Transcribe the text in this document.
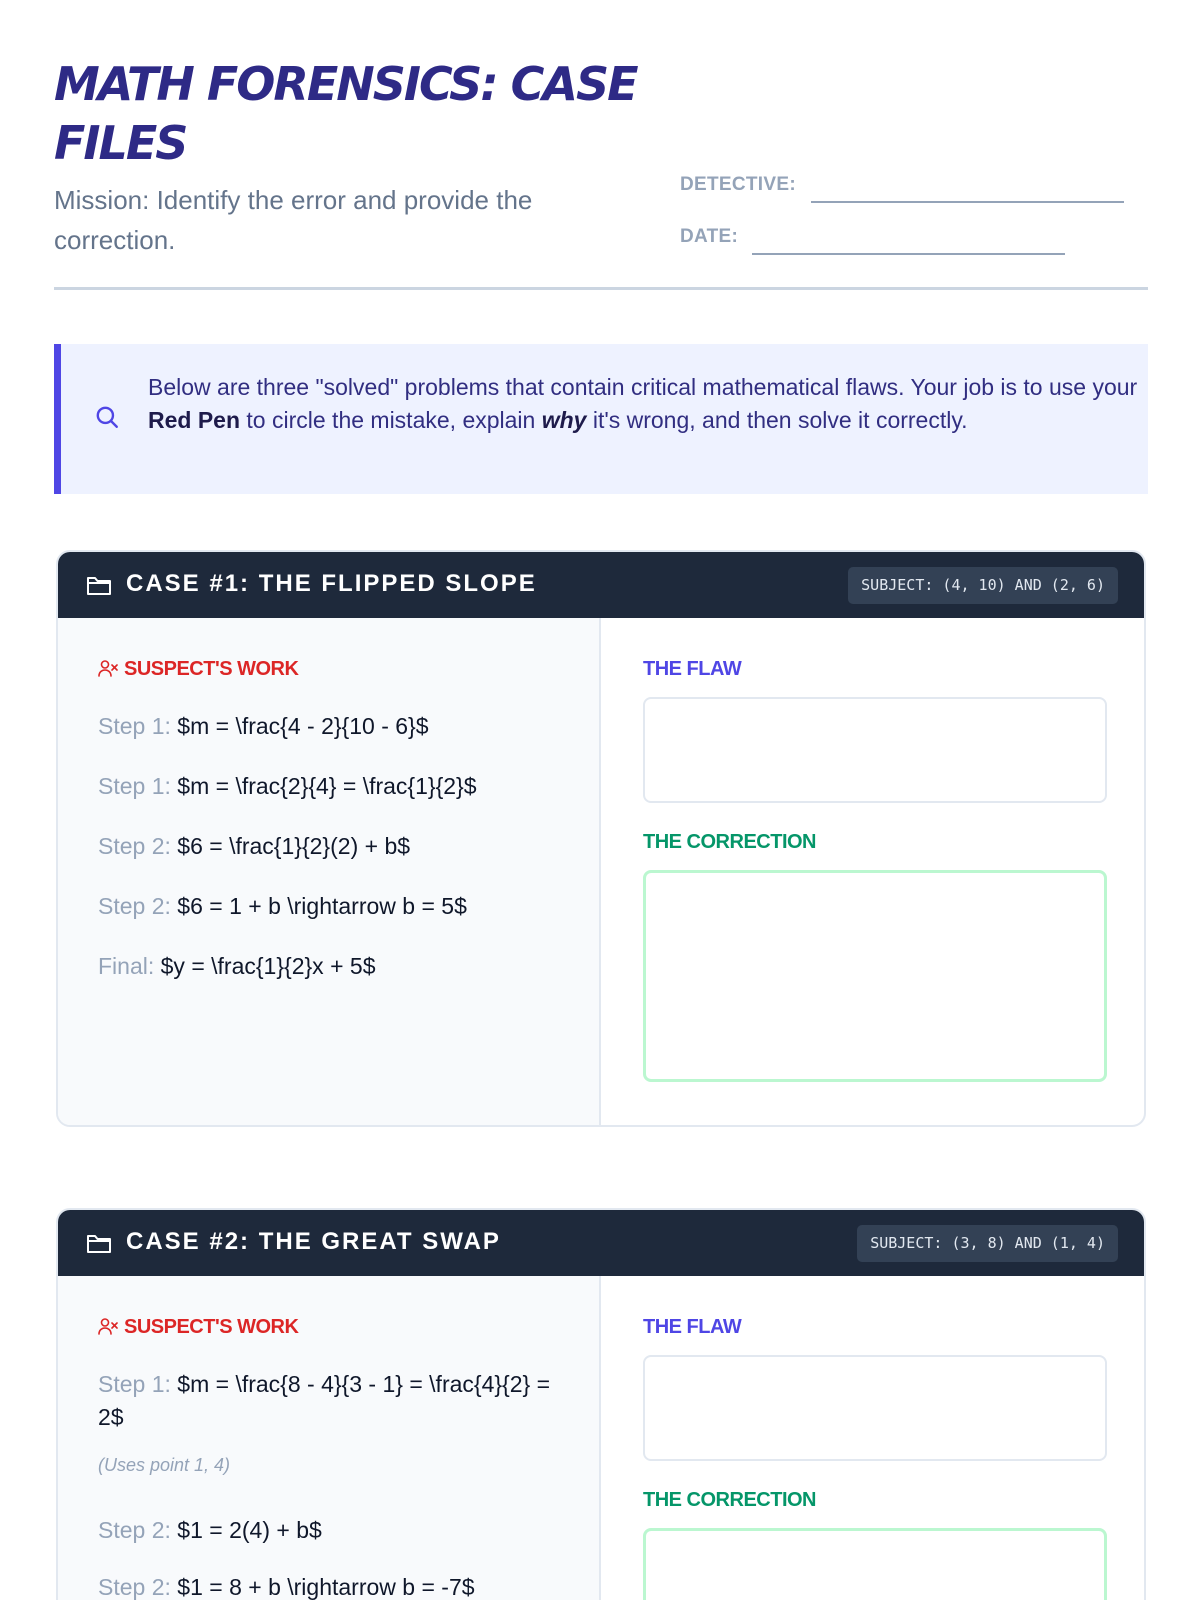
MATH FORENSICS: CASE FILES

Mission: Identify the error and provide the correction.

DETECTIVE:
DATE:

Below are three "solved" problems that contain critical mathematical flaws. Your job is to use your Red Pen to circle the mistake, explain why it's wrong, and then solve it correctly.

CASE #1: THE FLIPPED SLOPE	SUBJECT: (4, 10) AND (2, 6)
SUSPECT'S WORK
Step 1: $m = \frac{4 - 2}{10 - 6}$
Step 1: $m = \frac{2}{4} = \frac{1}{2}$
Step 2: $6 = \frac{1}{2}(2) + b$
Step 2: $6 = 1 + b \rightarrow b = 5$
Final: $y = \frac{1}{2}x + 5$
THE FLAW
THE CORRECTION
CASE #2: THE GREAT SWAP	SUBJECT: (3, 8) AND (1, 4)
SUSPECT'S WORK
Step 1: $m = \frac{8 - 4}{3 - 1} = \frac{4}{2} = 2$
(Uses point 1, 4)
Step 2: $1 = 2(4) + b$
Step 2: $1 = 8 + b \rightarrow b = -7$
THE FLAW
THE CORRECTION
